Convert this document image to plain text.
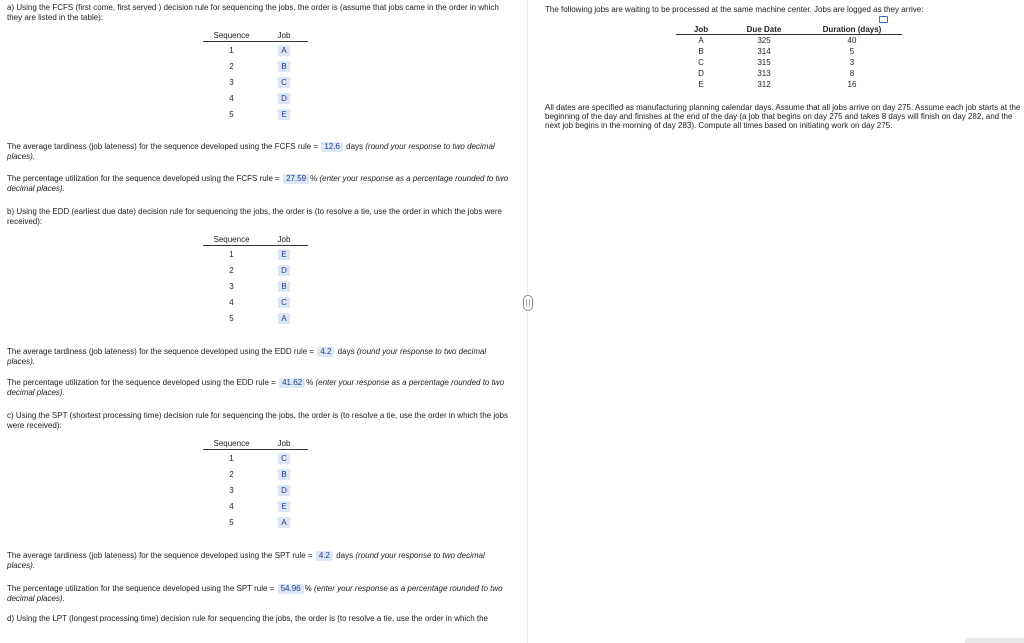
a) Using the FCFS (first come, first served ) decision rule for sequencing the jobs, the order is (assume that jobs came in the order in which they are listed in the table):
Sequence	Job
1	A
2	B
3	C
4	D
5	E
The average tardiness (job lateness) for the sequence developed using the FCFS rule = 12.6 days (round your response to two decimal places).
The percentage utilization for the sequence developed using the FCFS rule = 27.59 % (enter your response as a percentage rounded to two decimal places).
b) Using the EDD (earliest due date) decision rule for sequencing the jobs, the order is (to resolve a tie, use the order in which the jobs were received):
Sequence	Job
1	E
2	D
3	B
4	C
5	A
The average tardiness (job lateness) for the sequence developed using the EDD rule = 4.2 days (round your response to two decimal places).
The percentage utilization for the sequence developed using the EDD rule = 41.62 % (enter your response as a percentage rounded to two decimal places).
c) Using the SPT (shortest processing time) decision rule for sequencing the jobs, the order is (to resolve a tie, use the order in which the jobs were received):
Sequence	Job
1	C
2	B
3	D
4	E
5	A
The average tardiness (job lateness) for the sequence developed using the SPT rule = 4.2 days (round your response to two decimal places).
The percentage utilization for the sequence developed using the SPT rule = 54.96 % (enter your response as a percentage rounded to two decimal places).
d) Using the LPT (longest processing time) decision rule for sequencing the jobs, the order is (to resolve a tie, use the order in which the
The following jobs are waiting to be processed at the same machine center. Jobs are logged as they arrive:
Job	Due Date	Duration (days)
A	325	40
B	314	5
C	315	3
D	313	8
E	312	16
All dates are specified as manufacturing planning calendar days. Assume that all jobs arrive on day 275. Assume each job starts at the beginning of the day and finishes at the end of the day (a job that begins on day 275 and takes 8 days will finish on day 282, and the next job begins in the morning of day 283). Compute all times based on initiating work on day 275.
